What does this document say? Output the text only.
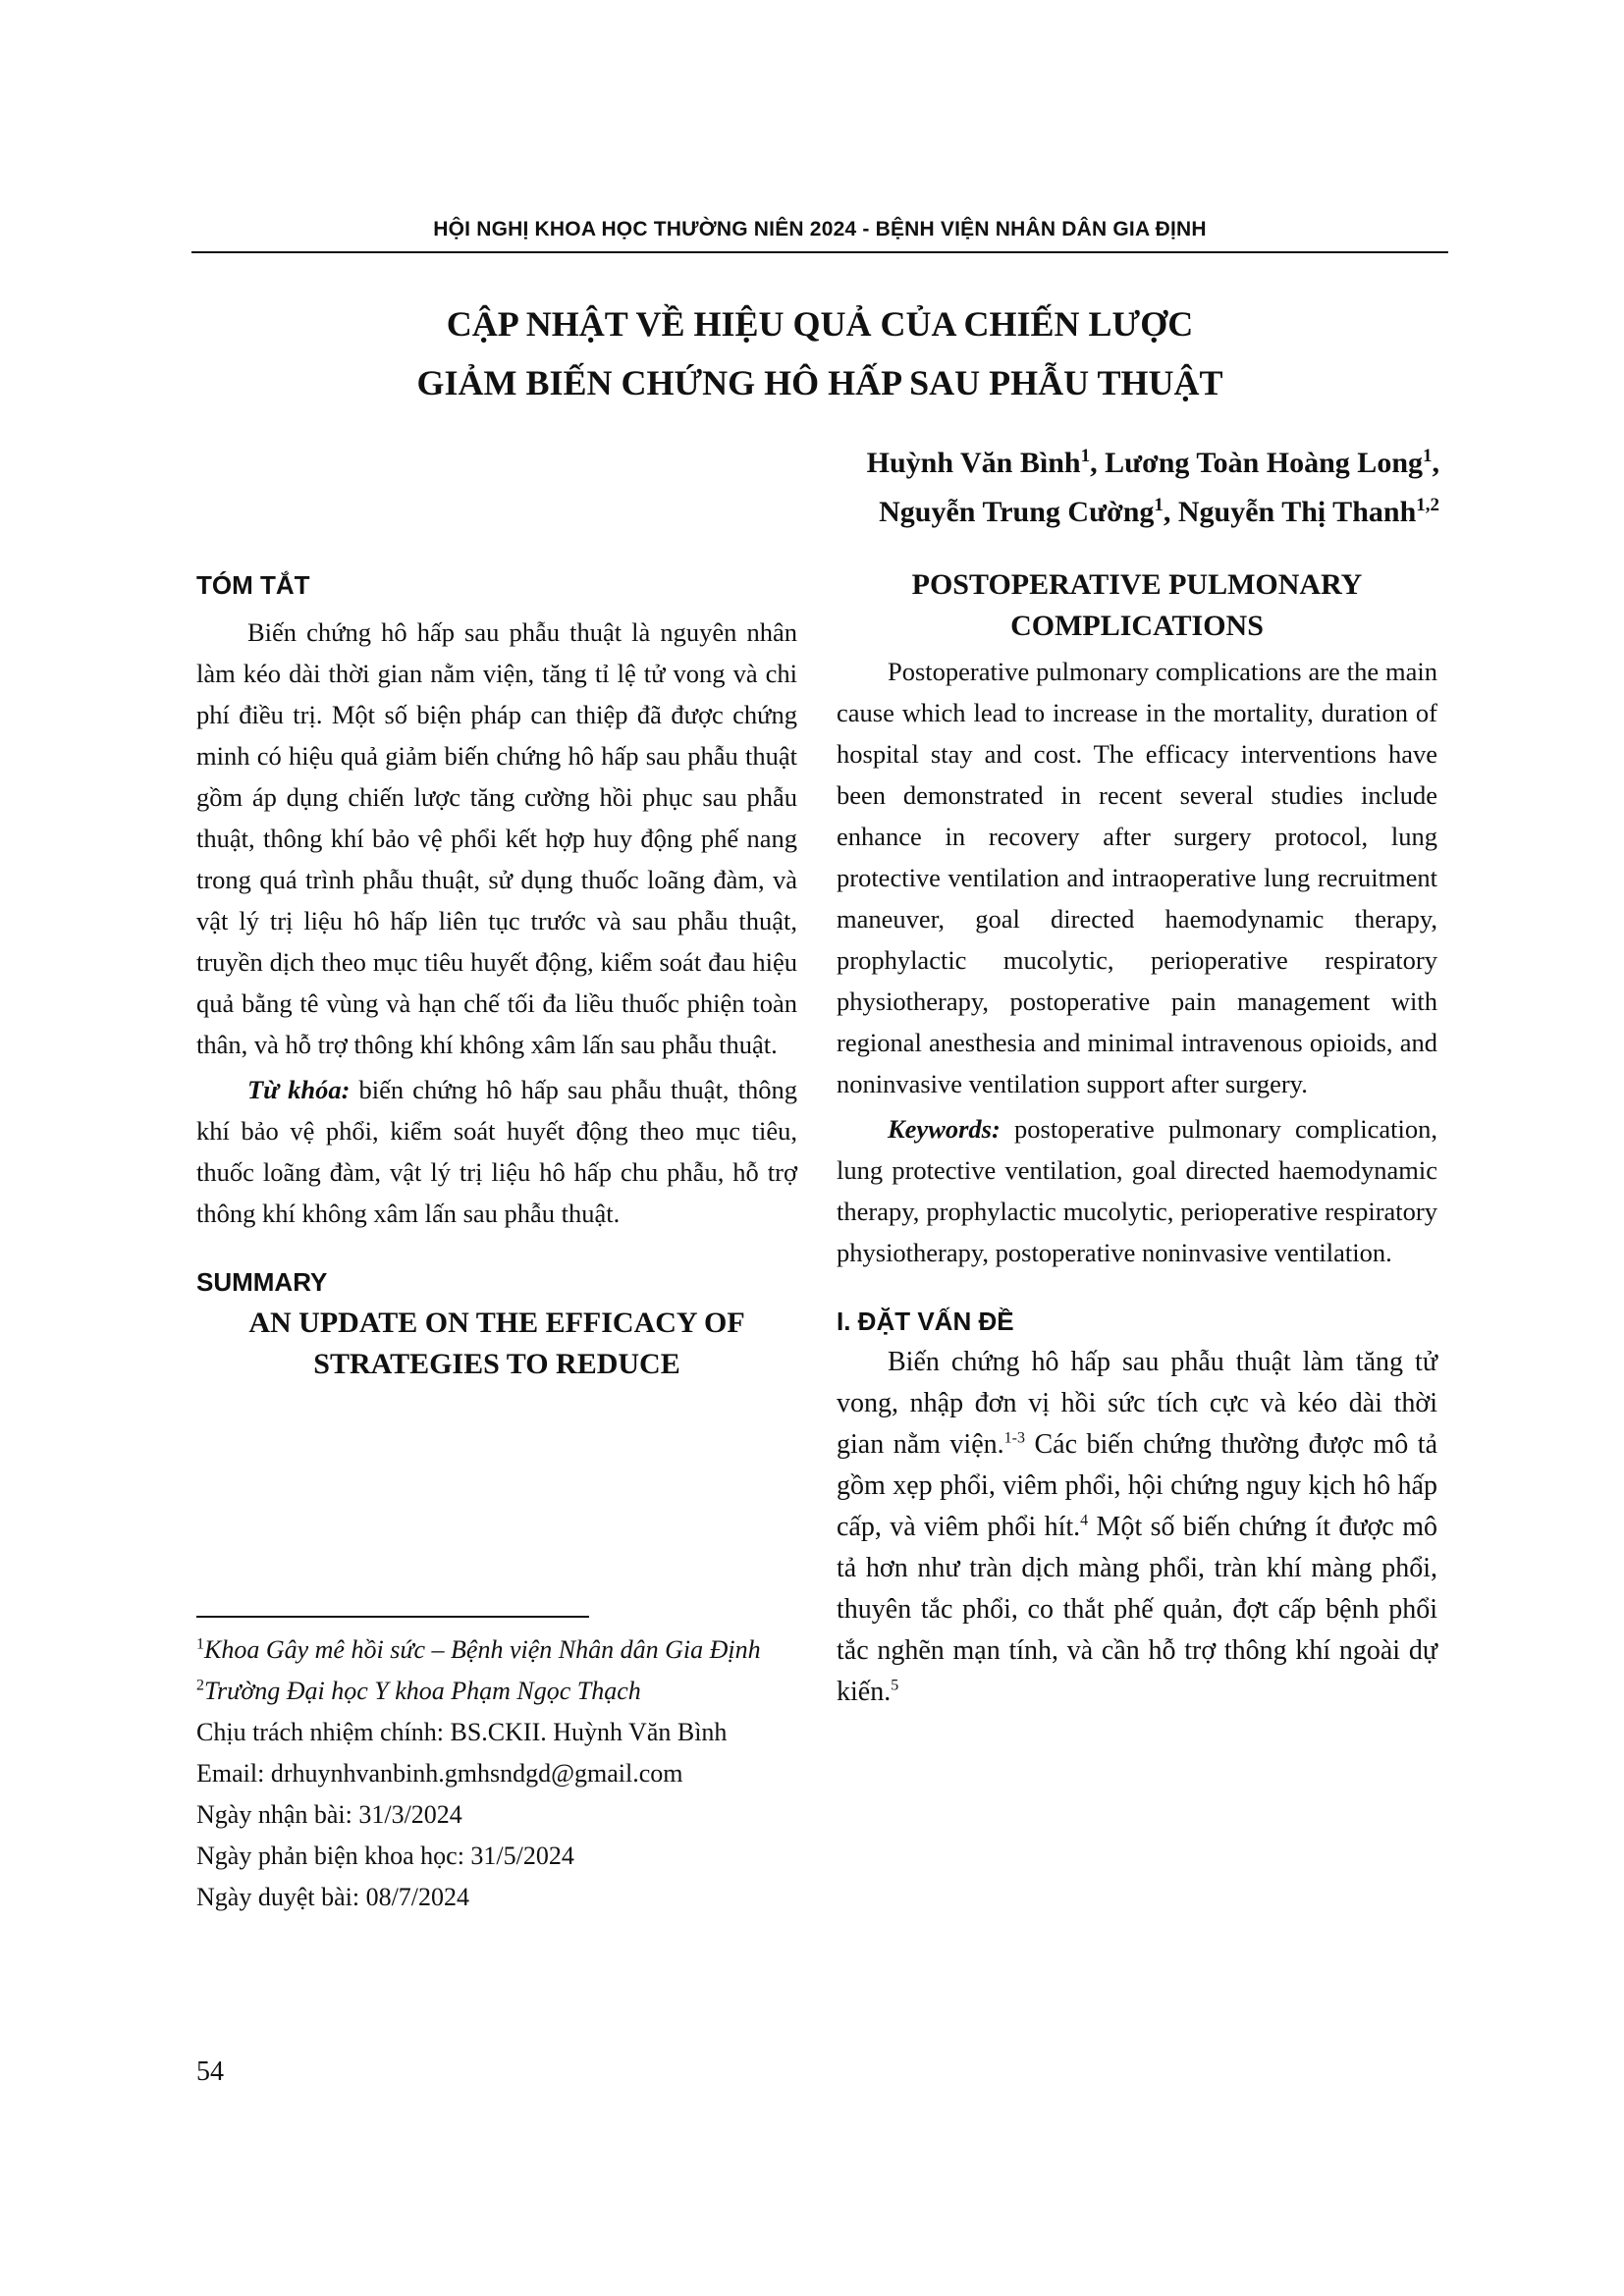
HỘI NGHỊ KHOA HỌC THƯỜNG NIÊN 2024 - BỆNH VIỆN NHÂN DÂN GIA ĐỊNH
CẬP NHẬT VỀ HIỆU QUẢ CỦA CHIẾN LƯỢC
GIẢM BIẾN CHỨNG HÔ HẤP SAU PHẪU THUẬT
Huỳnh Văn Bình$^1$, Lương Toàn Hoàng Long$^1$,
Nguyễn Trung Cường$^1$, Nguyễn Thị Thanh$^{1,2}$

TÓM TẮT

Biến chứng hô hấp sau phẫu thuật là nguyên nhân làm kéo dài thời gian nằm viện, tăng tỉ lệ tử vong và chi phí điều trị. Một số biện pháp can thiệp đã được chứng minh có hiệu quả giảm biến chứng hô hấp sau phẫu thuật gồm áp dụng chiến lược tăng cường hồi phục sau phẫu thuật, thông khí bảo vệ phổi kết hợp huy động phế nang trong quá trình phẫu thuật, sử dụng thuốc loãng đàm, và vật lý trị liệu hô hấp liên tục trước và sau phẫu thuật, truyền dịch theo mục tiêu huyết động, kiểm soát đau hiệu quả bằng tê vùng và hạn chế tối đa liều thuốc phiện toàn thân, và hỗ trợ thông khí không xâm lấn sau phẫu thuật.

Từ khóa: biến chứng hô hấp sau phẫu thuật, thông khí bảo vệ phổi, kiểm soát huyết động theo mục tiêu, thuốc loãng đàm, vật lý trị liệu hô hấp chu phẫu, hỗ trợ thông khí không xâm lấn sau phẫu thuật.

SUMMARY

AN UPDATE ON THE EFFICACY OF STRATEGIES TO REDUCE

POSTOPERATIVE PULMONARY COMPLICATIONS

Postoperative pulmonary complications are the main cause which lead to increase in the mortality, duration of hospital stay and cost. The efficacy interventions have been demonstrated in recent several studies include enhance in recovery after surgery protocol, lung protective ventilation and intraoperative lung recruitment maneuver, goal directed haemodynamic therapy, prophylactic mucolytic, perioperative respiratory physiotherapy, postoperative pain management with regional anesthesia and minimal intravenous opioids, and noninvasive ventilation support after surgery.

Keywords: postoperative pulmonary complication, lung protective ventilation, goal directed haemodynamic therapy, prophylactic mucolytic, perioperative respiratory physiotherapy, postoperative noninvasive ventilation.

I. ĐẶT VẤN ĐỀ

Biến chứng hô hấp sau phẫu thuật làm tăng tử vong, nhập đơn vị hồi sức tích cực và kéo dài thời gian nằm viện.$^{1-3}$ Các biến chứng thường được mô tả gồm xẹp phổi, viêm phổi, hội chứng nguy kịch hô hấp cấp, và viêm phổi hít.$^4$ Một số biến chứng ít được mô tả hơn như tràn dịch màng phổi, tràn khí màng phổi, thuyên tắc phổi, co thắt phế quản, đợt cấp bệnh phổi tắc nghẽn mạn tính, và cần hỗ trợ thông khí ngoài dự kiến.$^5$

$^1$Khoa Gây mê hồi sức – Bệnh viện Nhân dân Gia Định

$^2$Trường Đại học Y khoa Phạm Ngọc Thạch

Chịu trách nhiệm chính: BS.CKII. Huỳnh Văn Bình

Email: drhuynhvanbinh.gmhsndgd@gmail.com

Ngày nhận bài: 31/3/2024

Ngày phản biện khoa học: 31/5/2024

Ngày duyệt bài: 08/7/2024

54
